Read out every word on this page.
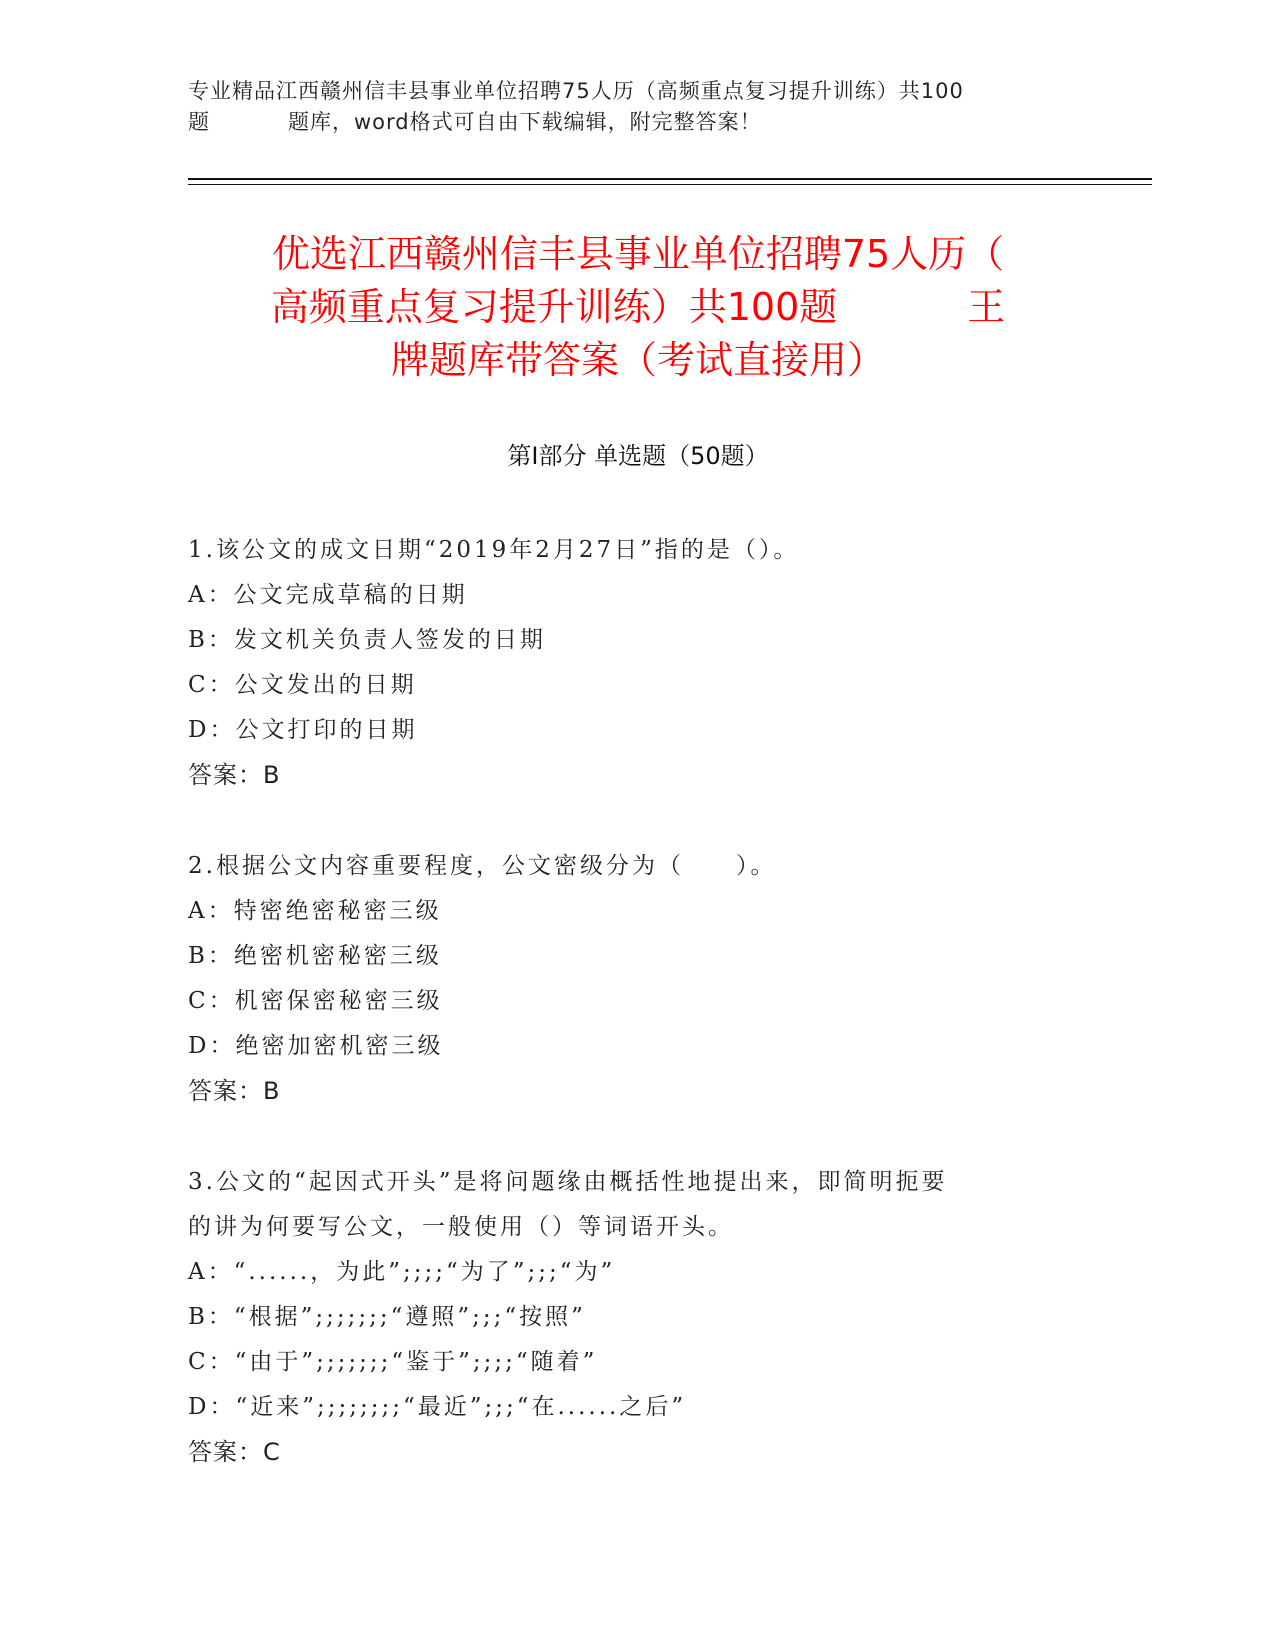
专业精品江西赣州信丰县事业单位招聘75人历（高频重点复习提升训练）共100
题	题库，word格式可自由下载编辑，附完整答案！
优选江西赣州信丰县事业单位招聘75人历（
高频重点复习提升训练）共100题	王
牌题库带答案（考试直接用）
第Ⅰ部分 单选题（50题）
1.该公文的成文日期“2019年2月27日”指的是（）。
A：公文完成草稿的日期
B：发文机关负责人签发的日期
C：公文发出的日期
D：公文打印的日期
答案：B
2.根据公文内容重要程度，公文密级分为（　　）。
A：特密绝密秘密三级
B：绝密机密秘密三级
C：机密保密秘密三级
D：绝密加密机密三级
答案：B
3.公文的“起因式开头”是将问题缘由概括性地提出来，即简明扼要
的讲为何要写公文，一般使用（）等词语开头。
A：“......，为此”;;;;“为了”;;;“为”
B：“根据”;;;;;;;“遵照”;;;“按照”
C：“由于”;;;;;;;“鉴于”;;;;“随着”
D：“近来”;;;;;;;;“最近”;;;“在......之后”
答案：C
